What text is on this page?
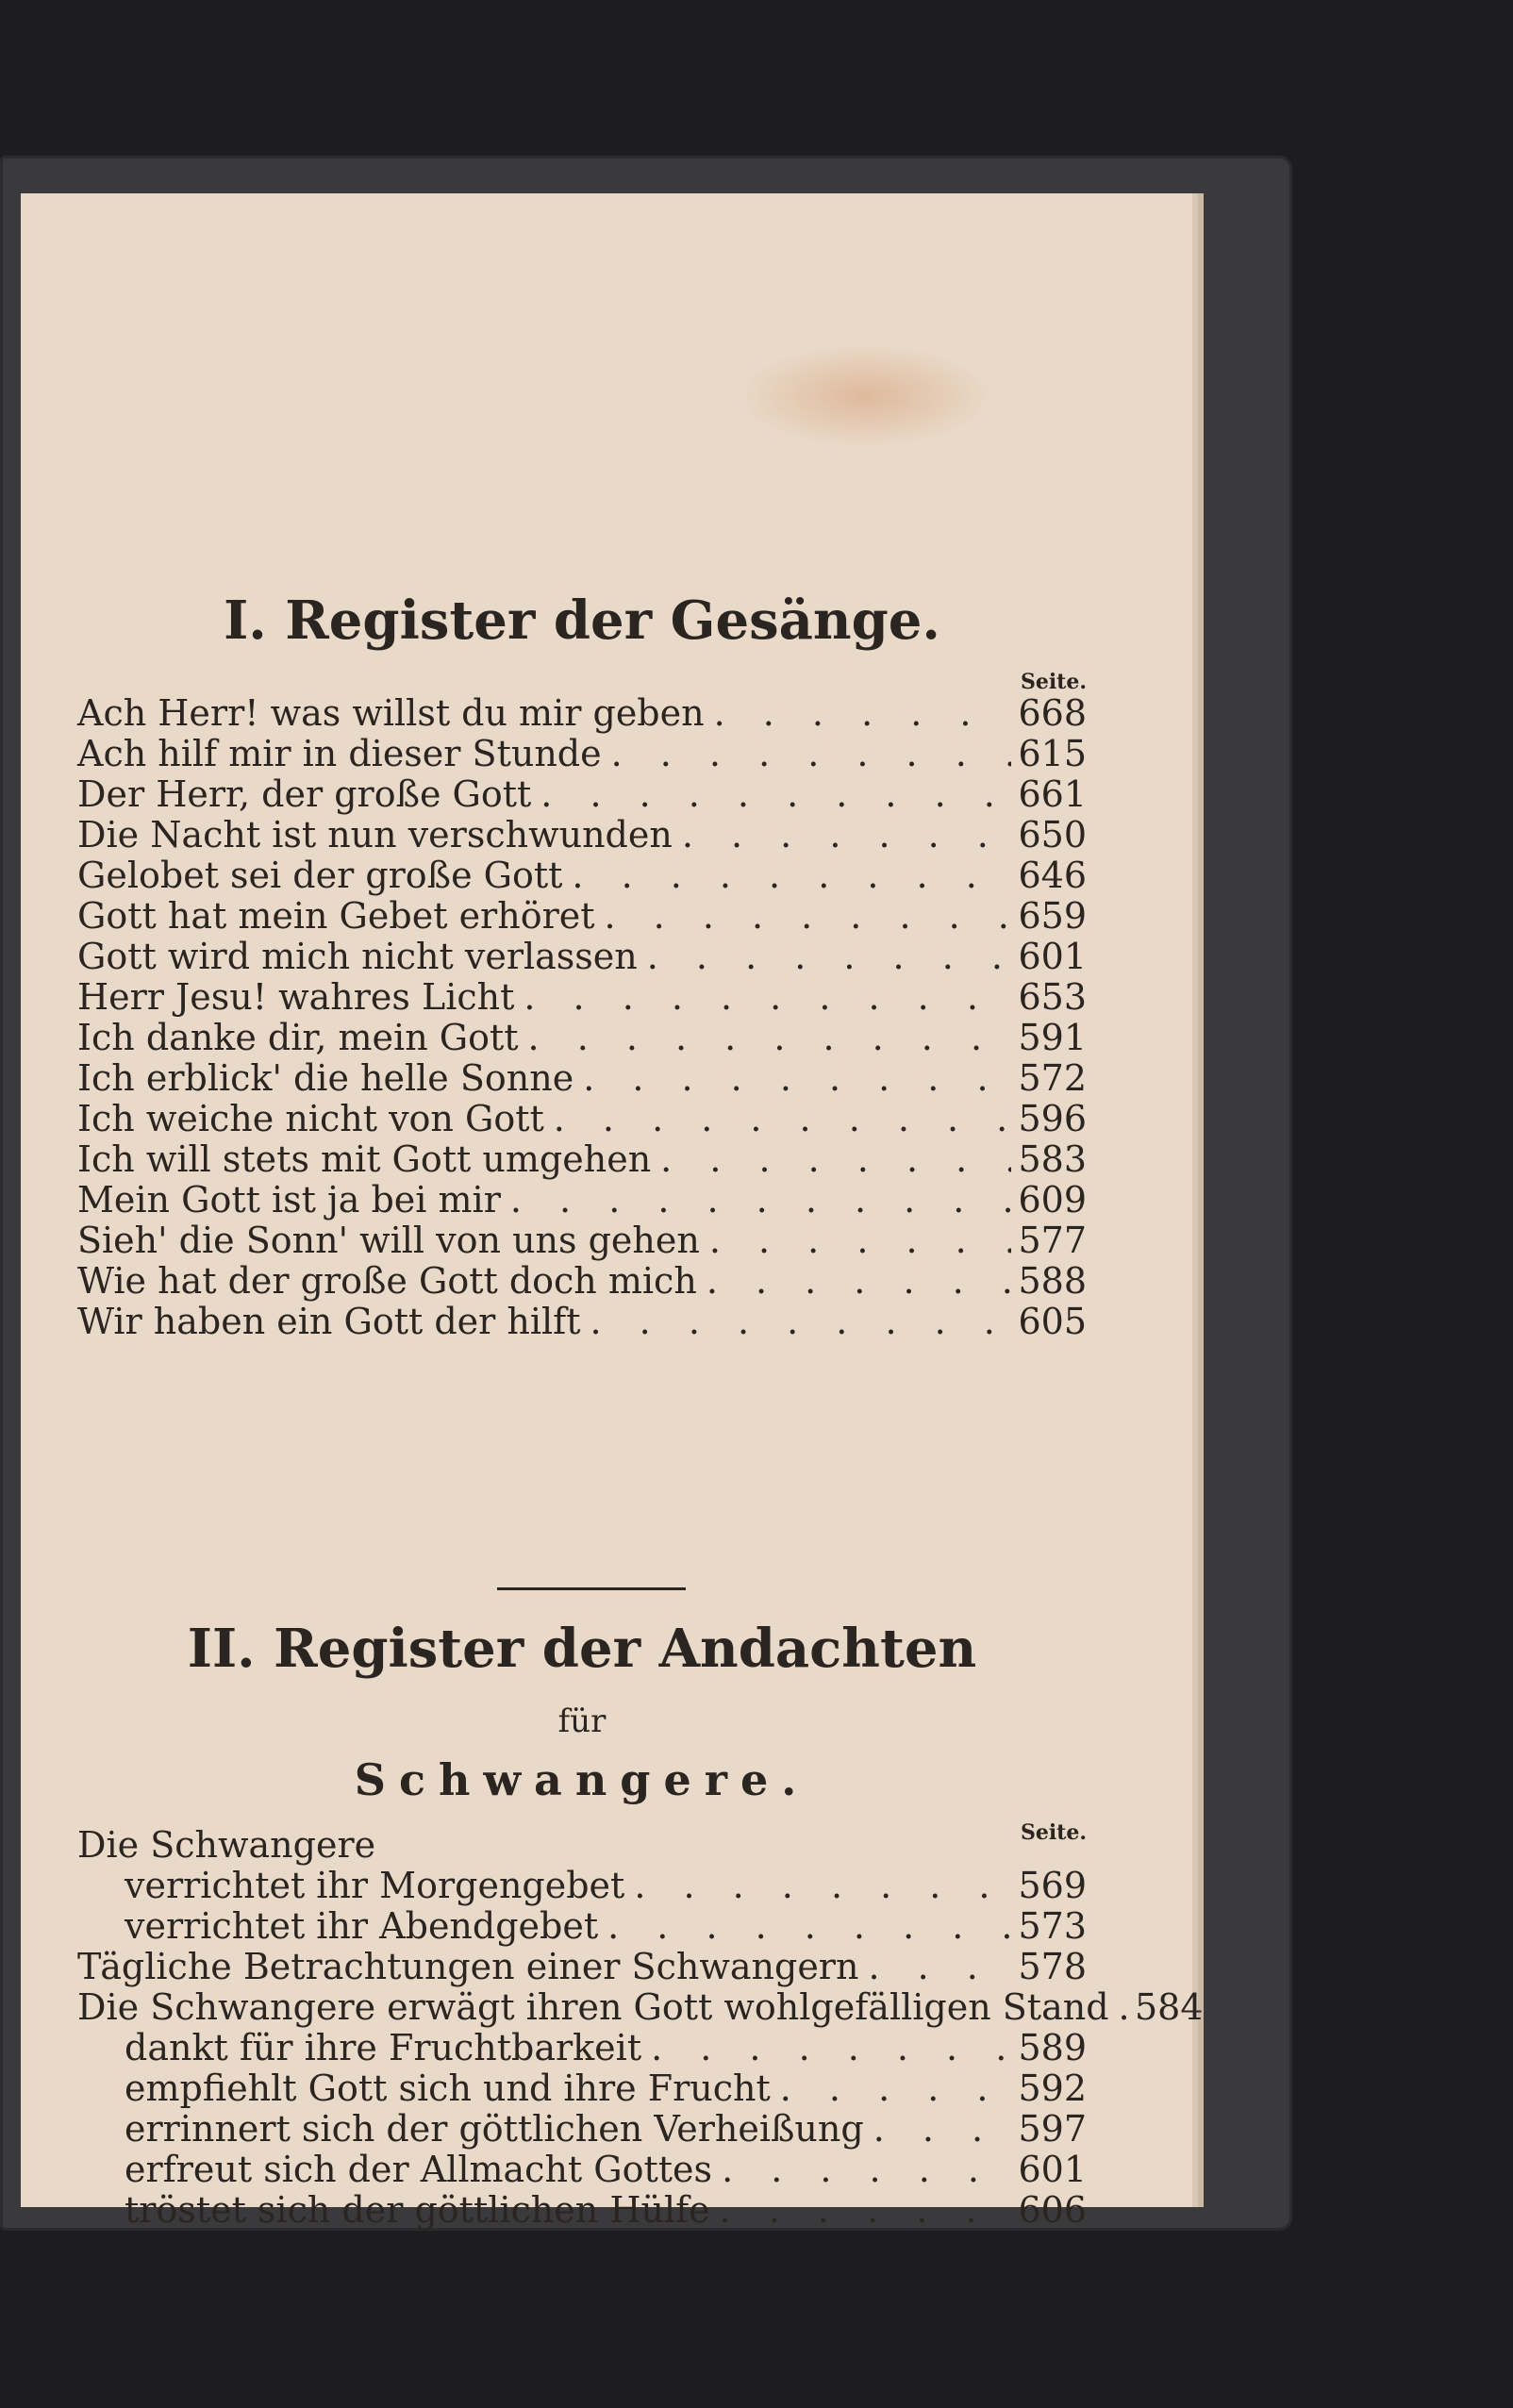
I. Register der Gesänge.
Seite.
Ach Herr! was willst du mir geben . . .	668
Ach hilf mir in dieser Stunde . . .	615
Der Herr, der große Gott . . .	661
Die Nacht ist nun verschwunden . . .	650
Gelobet sei der große Gott . . .	646
Gott hat mein Gebet erhöret . . .	659
Gott wird mich nicht verlassen . . .	601
Herr Jesu! wahres Licht . . .	653
Ich danke dir, mein Gott . . .	591
Ich erblick' die helle Sonne . . .	572
Ich weiche nicht von Gott . . .	596
Ich will stets mit Gott umgehen . . .	583
Mein Gott ist ja bei mir . . .	609
Sieh' die Sonn' will von uns gehen . . .	577
Wie hat der große Gott doch mich . . .	588
Wir haben ein Gott der hilft . . .	605
II. Register der Andachten
für
Schwangere.
Die Schwangere
verrichtet ihr Morgengebet . . .	569
verrichtet ihr Abendgebet . . .	573
Tägliche Betrachtungen einer Schwangern . . .	578
Die Schwangere erwägt ihren Gott wohlgefälligen Stand . . . 584
dankt für ihre Fruchtbarkeit . . .	589
empfiehlt Gott sich und ihre Frucht . . .	592
errinnert sich der göttlichen Verheißung . . .	597
erfreut sich der Allmacht Gottes . . .	601
tröstet sich der göttlichen Hülfe . . .	606
Seite.
